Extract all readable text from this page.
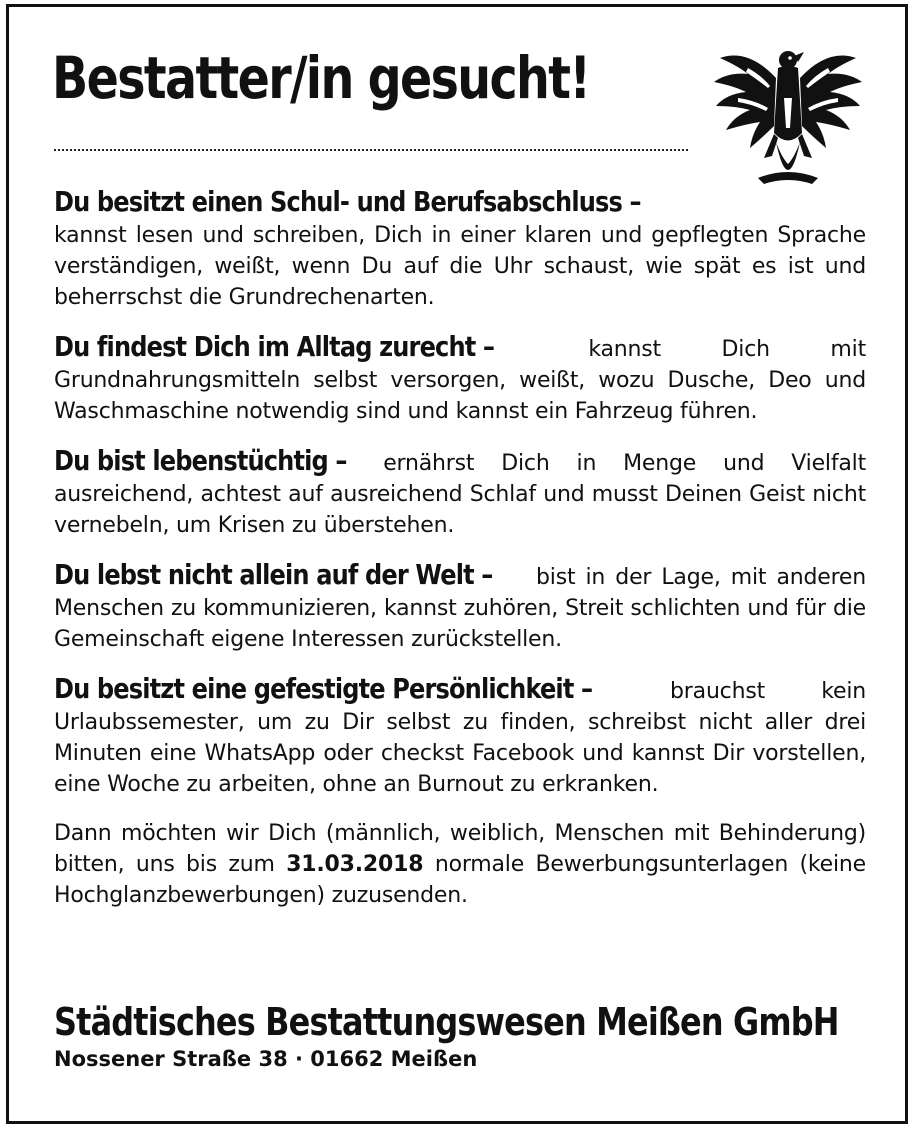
Bestatter/in gesucht!

Du besitzt einen Schul- und Berufsabschluss –
kannst lesen und schreiben, Dich in einer klaren und gepflegten Sprache verständigen, weißt, wenn Du auf die Uhr schaust, wie spät es ist und beherrschst die Grundrechenarten.

Du findest Dich im Alltag zurecht –	kannst Dich mit Grundnahrungsmitteln selbst versorgen, weißt, wozu Dusche, Deo und Waschmaschine notwendig sind und kannst ein Fahrzeug führen.

Du bist lebenstüchtig – ernährst Dich in Menge und Vielfalt ausreichend, achtest auf ausreichend Schlaf und musst Deinen Geist nicht vernebeln, um Krisen zu überstehen.

Du lebst nicht allein auf der Welt – bist in der Lage, mit anderen Menschen zu kommunizieren, kannst zuhören, Streit schlichten und für die Gemeinschaft eigene Interessen zurückstellen.

Du besitzt eine gefestigte Persönlichkeit –	brauchst kein Urlaubssemester, um zu Dir selbst zu finden, schreibst nicht aller drei Minuten eine WhatsApp oder checkst Facebook und kannst Dir vorstellen, eine Woche zu arbeiten, ohne an Burnout zu erkranken.

Dann möchten wir Dich (männlich, weiblich, Menschen mit Behinderung) bitten, uns bis zum 31.03.2018 normale Bewerbungsunterlagen (keine Hochglanzbewerbungen) zuzusenden.

Städtisches Bestattungswesen Meißen GmbH

Nossener Straße 38 · 01662 Meißen
